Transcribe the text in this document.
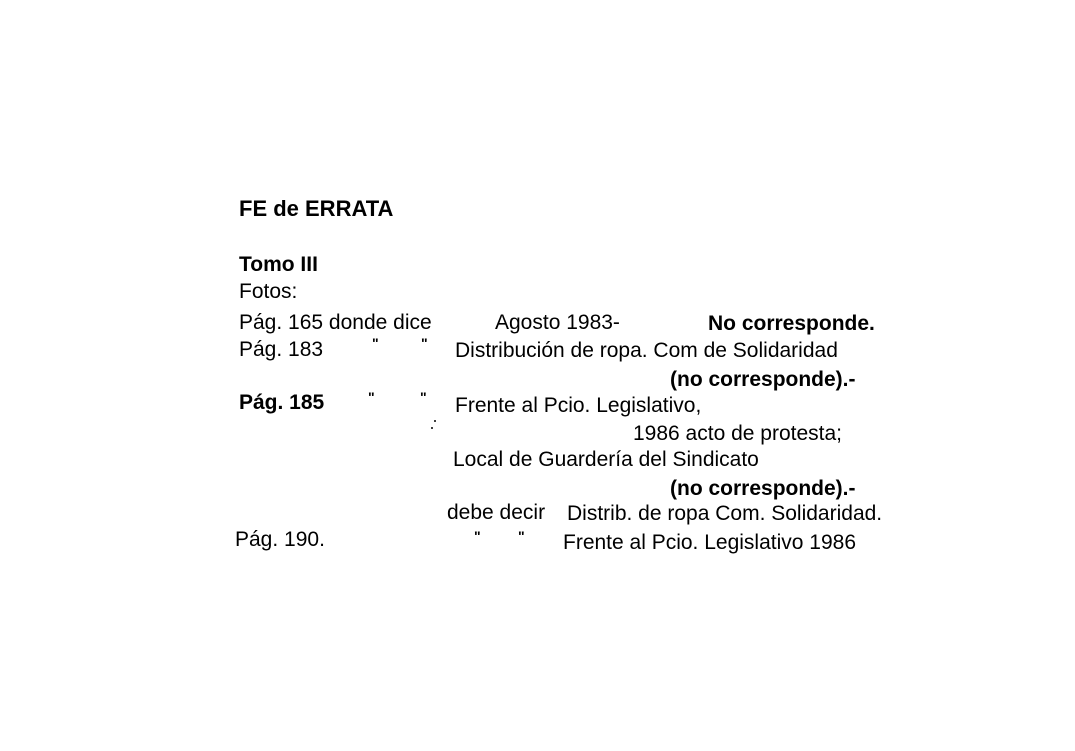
FE de ERRATA
Tomo III
Fotos:
Pág. 165 donde dice	Agosto 1983-	No corresponde.
Pág. 183	"	" Distribución de ropa. Com de Solidaridad
(no corresponde).-
Pág. 185	"	" Frente al Pcio. Legislativo,
1986 acto de protesta;
Local de Guardería del Sindicato
(no corresponde).-
debe decir Distrib. de ropa Com. Solidaridad.
Pág. 190.	"	" Frente al Pcio. Legislativo 1986
